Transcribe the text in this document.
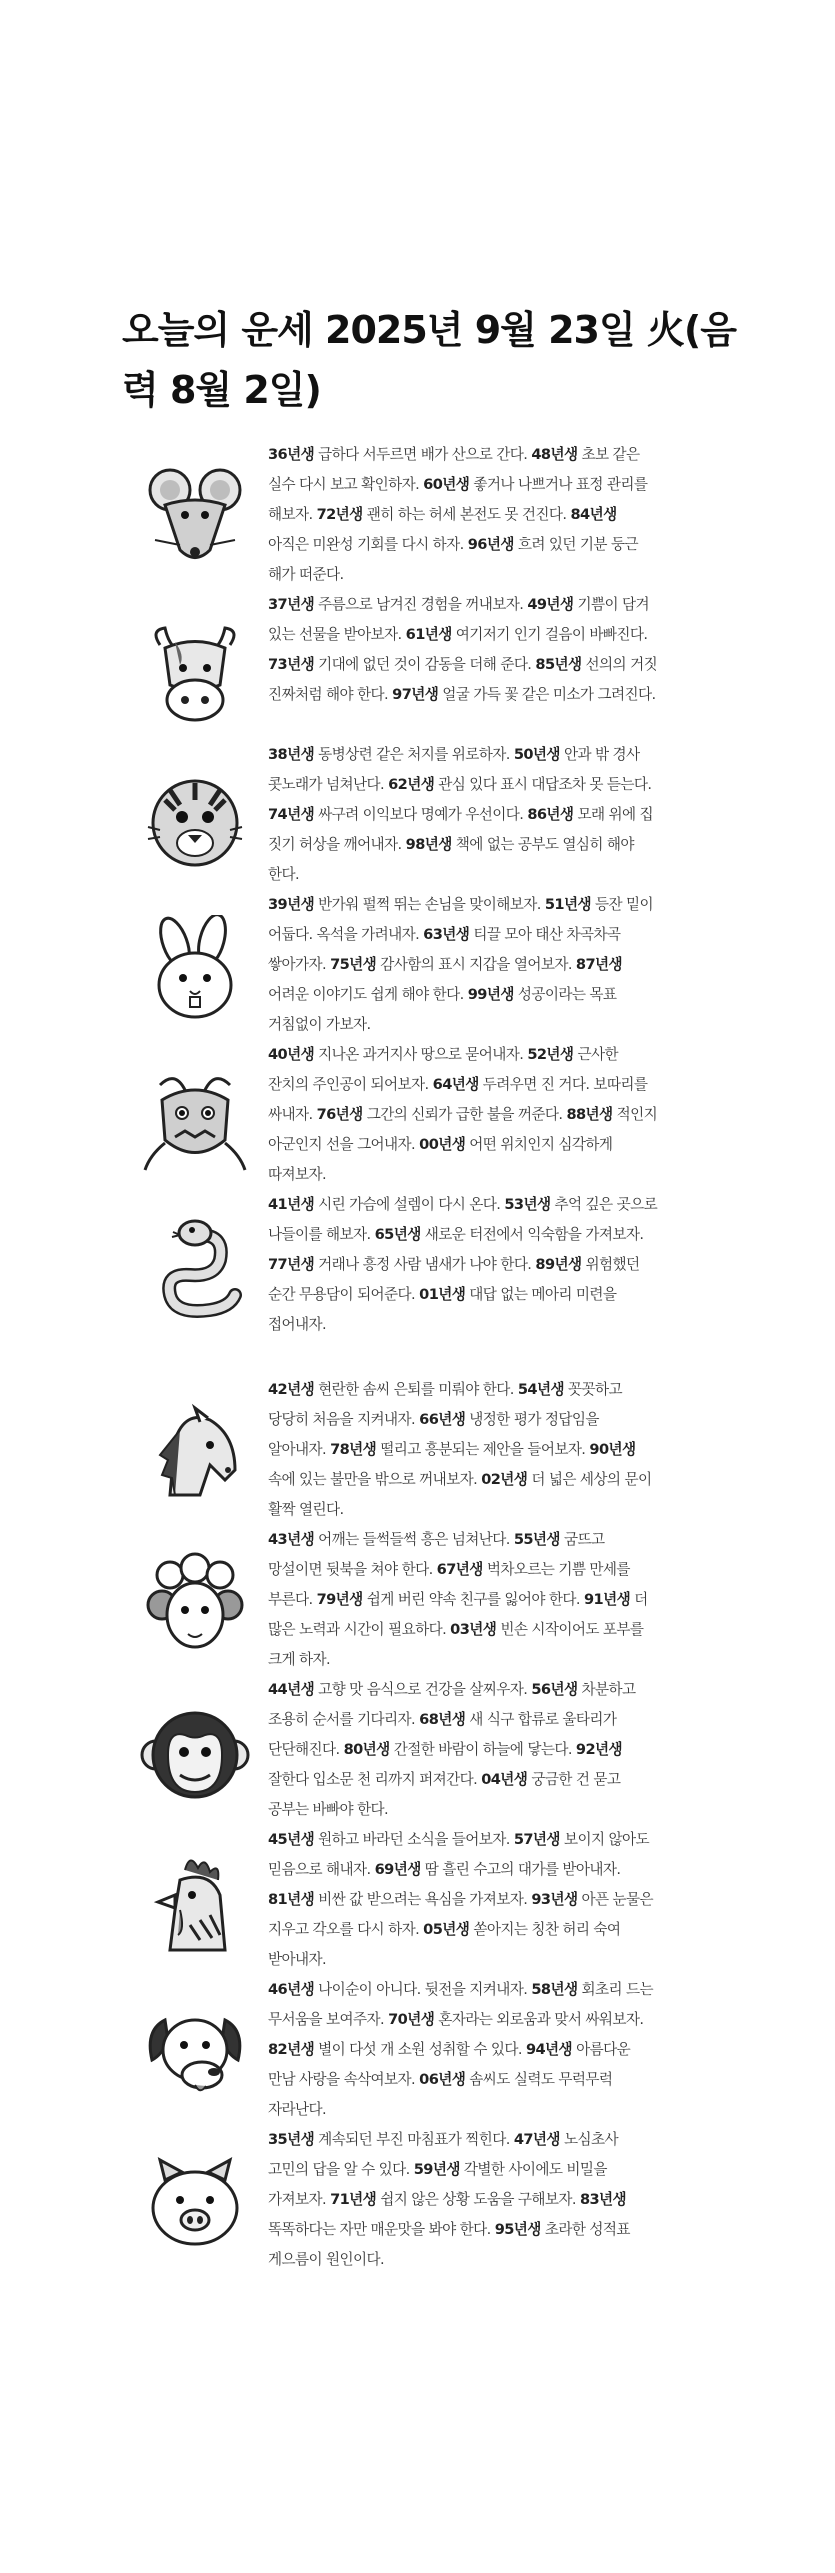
오늘의 운세 2025년 9월 23일 火(음력 8월 2일)
36년생 급하다 서두르면 배가 산으로 간다. 48년생 초보 같은 실수 다시 보고 확인하자. 60년생 좋거나 나쁘거나 표정 관리를 해보자. 72년생 괜히 하는 허세 본전도 못 건진다. 84년생 아직은 미완성 기회를 다시 하자. 96년생 흐려 있던 기분 둥근 해가 떠준다.
37년생 주름으로 남겨진 경험을 꺼내보자. 49년생 기쁨이 담겨 있는 선물을 받아보자. 61년생 여기저기 인기 걸음이 바빠진다. 73년생 기대에 없던 것이 감동을 더해 준다. 85년생 선의의 거짓 진짜처럼 해야 한다. 97년생 얼굴 가득 꽃 같은 미소가 그려진다.
38년생 동병상련 같은 처지를 위로하자. 50년생 안과 밖 경사 콧노래가 넘쳐난다. 62년생 관심 있다 표시 대답조차 못 듣는다. 74년생 싸구려 이익보다 명예가 우선이다. 86년생 모래 위에 집 짓기 허상을 깨어내자. 98년생 책에 없는 공부도 열심히 해야 한다.
39년생 반가워 펄쩍 뛰는 손님을 맞이해보자. 51년생 등잔 밑이 어둡다. 옥석을 가려내자. 63년생 티끌 모아 태산 차곡차곡 쌓아가자. 75년생 감사함의 표시 지갑을 열어보자. 87년생 어려운 이야기도 쉽게 해야 한다. 99년생 성공이라는 목표 거침없이 가보자.
40년생 지나온 과거지사 땅으로 묻어내자. 52년생 근사한 잔치의 주인공이 되어보자. 64년생 두려우면 진 거다. 보따리를 싸내자. 76년생 그간의 신뢰가 급한 불을 꺼준다. 88년생 적인지 아군인지 선을 그어내자. 00년생 어떤 위치인지 심각하게 따져보자.
41년생 시린 가슴에 설렘이 다시 온다. 53년생 추억 깊은 곳으로 나들이를 해보자. 65년생 새로운 터전에서 익숙함을 가져보자. 77년생 거래나 흥정 사람 냄새가 나야 한다. 89년생 위험했던 순간 무용담이 되어준다. 01년생 대답 없는 메아리 미련을 접어내자.
42년생 현란한 솜씨 은퇴를 미뤄야 한다. 54년생 꼿꼿하고 당당히 처음을 지켜내자. 66년생 냉정한 평가 정답임을 알아내자. 78년생 떨리고 흥분되는 제안을 들어보자. 90년생 속에 있는 불만을 밖으로 꺼내보자. 02년생 더 넓은 세상의 문이 활짝 열린다.
43년생 어깨는 들썩들썩 흥은 넘쳐난다. 55년생 굼뜨고 망설이면 뒷북을 쳐야 한다. 67년생 벅차오르는 기쁨 만세를 부른다. 79년생 쉽게 버린 약속 친구를 잃어야 한다. 91년생 더 많은 노력과 시간이 필요하다. 03년생 빈손 시작이어도 포부를 크게 하자.
44년생 고향 맛 음식으로 건강을 살찌우자. 56년생 차분하고 조용히 순서를 기다리자. 68년생 새 식구 합류로 울타리가 단단해진다. 80년생 간절한 바람이 하늘에 닿는다. 92년생 잘한다 입소문 천 리까지 퍼져간다. 04년생 궁금한 건 묻고 공부는 바빠야 한다.
45년생 원하고 바라던 소식을 들어보자. 57년생 보이지 않아도 믿음으로 해내자. 69년생 땀 흘린 수고의 대가를 받아내자. 81년생 비싼 값 받으려는 욕심을 가져보자. 93년생 아픈 눈물은 지우고 각오를 다시 하자. 05년생 쏟아지는 칭찬 허리 숙여 받아내자.
46년생 나이순이 아니다. 뒷전을 지켜내자. 58년생 회초리 드는 무서움을 보여주자. 70년생 혼자라는 외로움과 맞서 싸워보자. 82년생 별이 다섯 개 소원 성취할 수 있다. 94년생 아름다운 만남 사랑을 속삭여보자. 06년생 솜씨도 실력도 무럭무럭 자라난다.
35년생 계속되던 부진 마침표가 찍힌다. 47년생 노심초사 고민의 답을 알 수 있다. 59년생 각별한 사이에도 비밀을 가져보자. 71년생 쉽지 않은 상황 도움을 구해보자. 83년생 똑똑하다는 자만 매운맛을 봐야 한다. 95년생 초라한 성적표 게으름이 원인이다.
